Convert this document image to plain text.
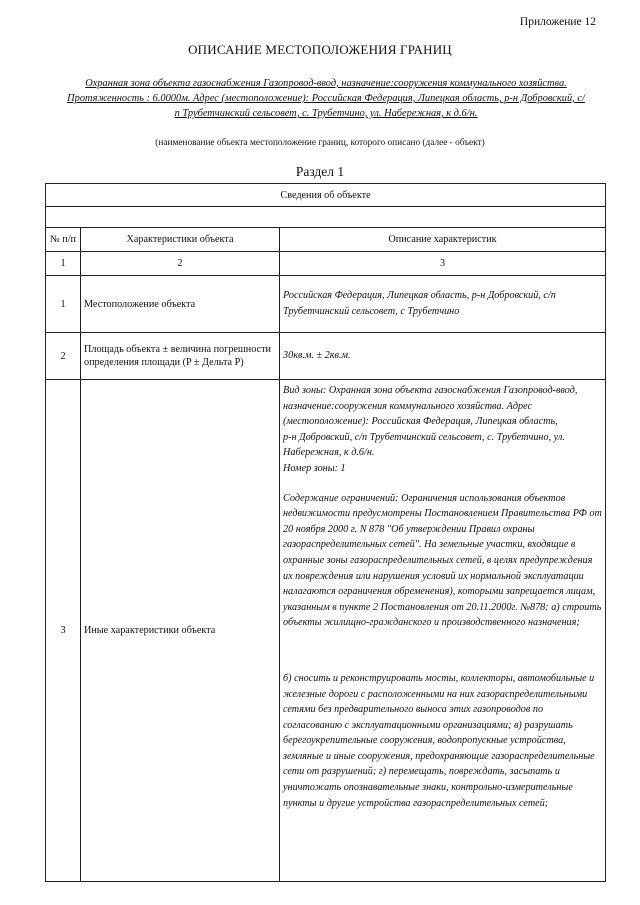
Приложение 12
ОПИСАНИЕ МЕСТОПОЛОЖЕНИЯ ГРАНИЦ
Охранная зона объекта газоснабжения Газопровод-ввод, назначение:сооружения коммунального хозяйства. Протяженность : 6.0000м. Адрес (местоположение): Российская Федерация, Липецкая область, р-н Добровский, с/п Трубетчинский сельсовет, с. Трубетчино, ул. Набережная, к д.6/н.
(наименование объекта местоположение границ, которого описано (далее - объект)
Раздел 1
Сведения об объекте		

№ п/п	Характеристики объекта	Описание характеристик
1	2	3
1	Местоположение объекта	Российская Федерация, Липецкая область, р-н Добровский, с/п Трубетчинский сельсовет, с Трубетчино
2	Площадь объекта ± величина погрешности определения площади (P ± Дельта P)	30кв.м. ± 2кв.м.
3	Иные характеристики объекта	Вид зоны: Охранная зона объекта газоснабжения Газопровод-ввод, назначение:сооружения коммунального хозяйства. Адрес (местоположение): Российская Федерация, Липецкая область,

р-н Добровский, с/п Трубетчинский сельсовет, с. Трубетчино, ул. Набережная, к д.6/н.

Номер зоны: 1

Содержание ограничений: Ограничения использования объектов недвижимости предусмотрены Постановлением Правительства РФ от 20 ноября 2000 г. N 878 "Об утверждении Правил охраны газораспределительных сетей". На земельные участки, входящие в охранные зоны газораспределительных сетей, в целях предупреждения их повреждения или нарушения условий их нормальной эксплуатации налагаются ограничения обременения), которыми запрещается лицам, указанным в пункте 2 Постановления от 20.11.2000г. №878: а) строить объекты жилищно-гражданского и производственного назначения;

б) сносить и реконструировать мосты, коллекторы, автомобильные и железные дороги с расположенными на них газораспределительными сетями без предварительного выноса этих газопроводов по согласованию с эксплуатационными организациями; в) разрушать берегоукрепительные сооружения, водопропускные устройства, земляные и иные сооружения, предохраняющие газораспределительные сети от разрушений; г) перемещать, повреждать, засыпать и уничтожать опознавательные знаки, контрольно-измерительные пункты и другие устройства газораспределительных сетей;
